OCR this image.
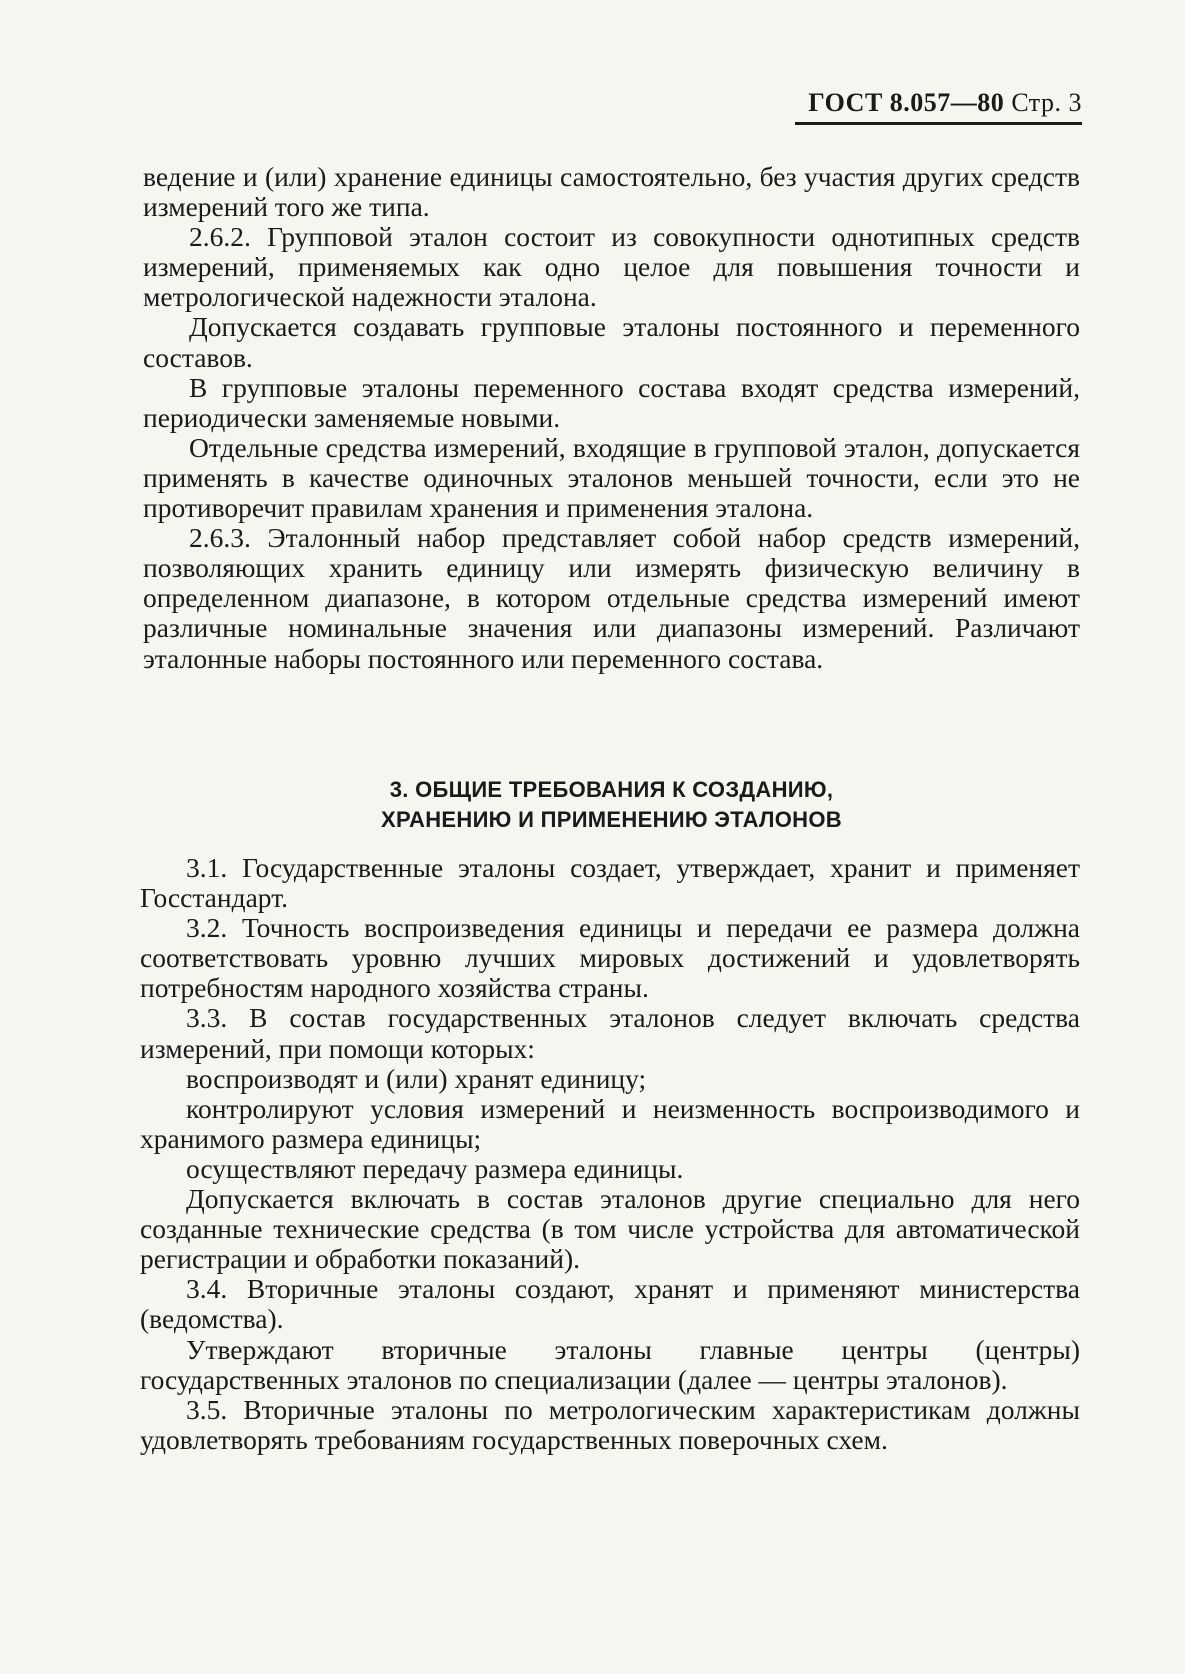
ГОСТ 8.057—80 Стр. 3

ведение и (или) хранение единицы самостоятельно, без участия других средств измерений того же типа.

2.6.2. Групповой эталон состоит из совокупности однотипных средств измерений, применяемых как одно целое для повышения точности и метрологической надежности эталона.

Допускается создавать групповые эталоны постоянного и переменного составов.

В групповые эталоны переменного состава входят средства измерений, периодически заменяемые новыми.

Отдельные средства измерений, входящие в групповой эталон, допускается применять в качестве одиночных эталонов меньшей точности, если это не противоречит правилам хранения и применения эталона.

2.6.3. Эталонный набор представляет собой набор средств измерений, позволяющих хранить единицу или измерять физическую величину в определенном диапазоне, в котором отдельные средства измерений имеют различные номинальные значения или диапазоны измерений. Различают эталонные наборы постоянного или переменного состава.

3. ОБЩИЕ ТРЕБОВАНИЯ К СОЗДАНИЮ,
ХРАНЕНИЮ И ПРИМЕНЕНИЮ ЭТАЛОНОВ

3.1. Государственные эталоны создает, утверждает, хранит и применяет Госстандарт.

3.2. Точность воспроизведения единицы и передачи ее размера должна соответствовать уровню лучших мировых достижений и удовлетворять потребностям народного хозяйства страны.

3.3. В состав государственных эталонов следует включать средства измерений, при помощи которых:

воспроизводят и (или) хранят единицу;

контролируют условия измерений и неизменность воспроизводимого и хранимого размера единицы;

осуществляют передачу размера единицы.

Допускается включать в состав эталонов другие специально для него созданные технические средства (в том числе устройства для автоматической регистрации и обработки показаний).

3.4. Вторичные эталоны создают, хранят и применяют министерства (ведомства).

Утверждают вторичные эталоны главные центры (центры) государственных эталонов по специализации (далее — центры эталонов).

3.5. Вторичные эталоны по метрологическим характеристикам должны удовлетворять требованиям государственных поверочных схем.
